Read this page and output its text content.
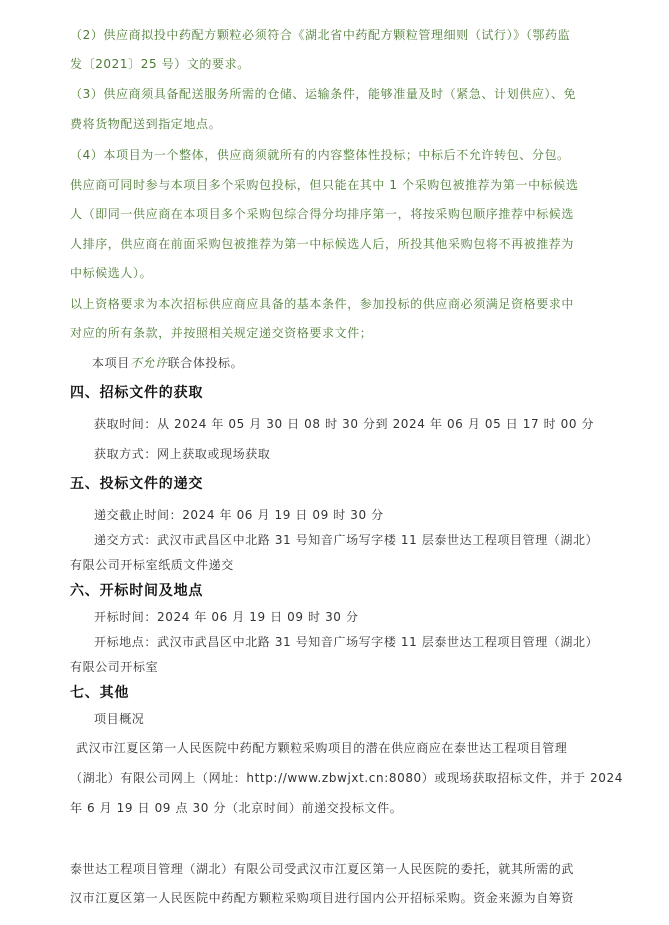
（2）供应商拟投中药配方颗粒必须符合《湖北省中药配方颗粒管理细则（试行）》（鄂药监
发〔2021〕25 号）文的要求。
（3）供应商须具备配送服务所需的仓储、运输条件，能够准量及时（紧急、计划供应）、免
费将货物配送到指定地点。
（4）本项目为一个整体，供应商须就所有的内容整体性投标；中标后不允许转包、分包。
供应商可同时参与本项目多个采购包投标，但只能在其中 1 个采购包被推荐为第一中标候选
人（即同一供应商在本项目多个采购包综合得分均排序第一，将按采购包顺序推荐中标候选
人排序，供应商在前面采购包被推荐为第一中标候选人后，所投其他采购包将不再被推荐为
中标候选人）。
以上资格要求为本次招标供应商应具备的基本条件，参加投标的供应商必须满足资格要求中
对应的所有条款，并按照相关规定递交资格要求文件；
本项目不允许联合体投标。
四、招标文件的获取
获取时间：从 2024 年 05 月 30 日 08 时 30 分到 2024 年 06 月 05 日 17 时 00 分
获取方式：网上获取或现场获取
五、投标文件的递交
递交截止时间：2024 年 06 月 19 日 09 时 30 分
递交方式：武汉市武昌区中北路 31 号知音广场写字楼 11 层泰世达工程项目管理（湖北）
有限公司开标室纸质文件递交
六、开标时间及地点
开标时间：2024 年 06 月 19 日 09 时 30 分
开标地点：武汉市武昌区中北路 31 号知音广场写字楼 11 层泰世达工程项目管理（湖北）
有限公司开标室
七、其他
项目概况
武汉市江夏区第一人民医院中药配方颗粒采购项目的潜在供应商应在泰世达工程项目管理
（湖北）有限公司网上（网址：http://www.zbwjxt.cn:8080）或现场获取招标文件，并于 2024
年 6 月 19 日 09 点 30 分（北京时间）前递交投标文件。
泰世达工程项目管理（湖北）有限公司受武汉市江夏区第一人民医院的委托，就其所需的武
汉市江夏区第一人民医院中药配方颗粒采购项目进行国内公开招标采购。资金来源为自筹资
